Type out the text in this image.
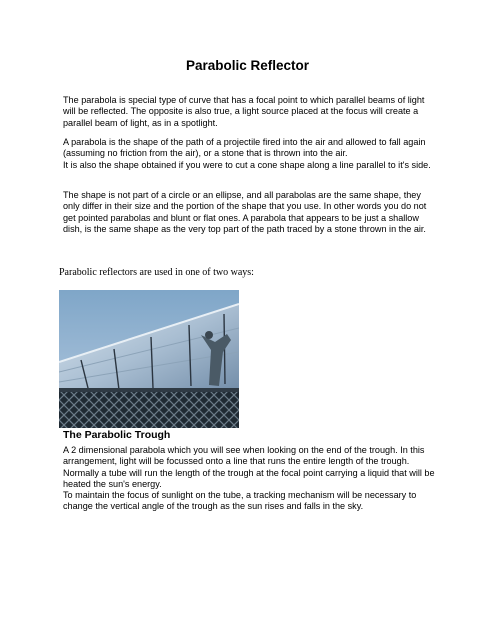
Parabolic Reflector
The parabola is special type of curve that has a focal point to which parallel beams of light will be reflected. The opposite is also true, a light source placed at the focus will create a parallel beam of light, as in a spotlight.
A parabola is the shape of the path of a projectile fired into the air and allowed to fall again (assuming no friction from the air), or a stone that is thrown into the air.
It is also the shape obtained if you were to cut a cone shape along a line parallel to it's side.
The shape is not part of a circle or an ellipse, and all parabolas are the same shape, they only differ in their size and the portion of the shape that you use. In other words you do not get pointed parabolas and blunt or flat ones. A parabola that appears to be just a shallow dish, is the same shape as the very top part of the path traced by a stone thrown in the air.
Parabolic reflectors are used in one of two ways:
The Parabolic Trough
A 2 dimensional parabola which you will see when looking on the end of the trough. In this arrangement, light will be focussed onto a line that runs the entire length of the trough. Normally a tube will run the length of the trough at the focal point carrying a liquid that will be heated the sun's energy.
To maintain the focus of sunlight on the tube, a tracking mechanism will be necessary to change the vertical angle of the trough as the sun rises and falls in the sky.
